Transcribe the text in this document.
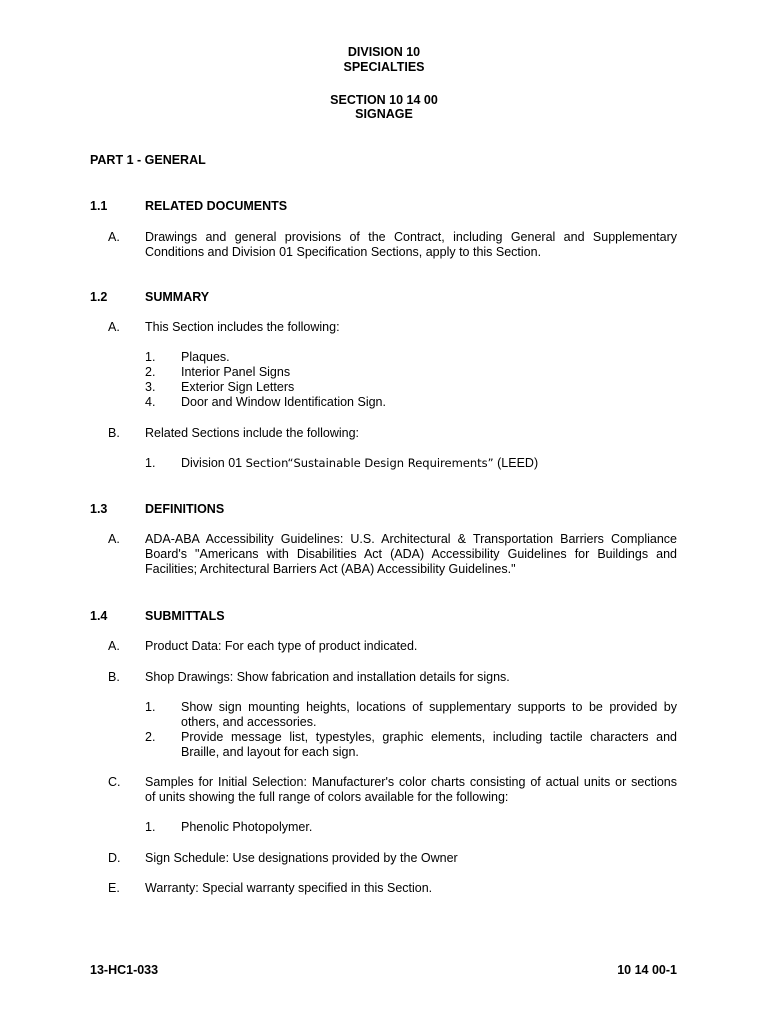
DIVISION 10
SPECIALTIES
SECTION 10 14 00
SIGNAGE
PART 1 - GENERAL
1.1	RELATED DOCUMENTS
A. Drawings and general provisions of the Contract, including General and Supplementary
Conditions and Division 01 Specification Sections, apply to this Section.
1.2	SUMMARY
A. This Section includes the following:
1. Plaques.
2. Interior Panel Signs
3. Exterior Sign Letters
4. Door and Window Identification Sign.
B. Related Sections include the following:
1. Division 01 Section“Sustainable Design Requirements” (LEED)
1.3	DEFINITIONS
A. ADA-ABA Accessibility Guidelines: U.S. Architectural & Transportation Barriers Compliance
Board's "Americans with Disabilities Act (ADA) Accessibility Guidelines for Buildings and
Facilities; Architectural Barriers Act (ABA) Accessibility Guidelines."
1.4	SUBMITTALS
A. Product Data: For each type of product indicated.
B. Shop Drawings: Show fabrication and installation details for signs.
1. Show sign mounting heights, locations of supplementary supports to be provided by
others, and accessories.
2. Provide message list, typestyles, graphic elements, including tactile characters and
Braille, and layout for each sign.
C. Samples for Initial Selection: Manufacturer's color charts consisting of actual units or sections
of units showing the full range of colors available for the following:
1. Phenolic Photopolymer.
D. Sign Schedule: Use designations provided by the Owner
E. Warranty: Special warranty specified in this Section.
13-HC1-033	10 14 00-1
